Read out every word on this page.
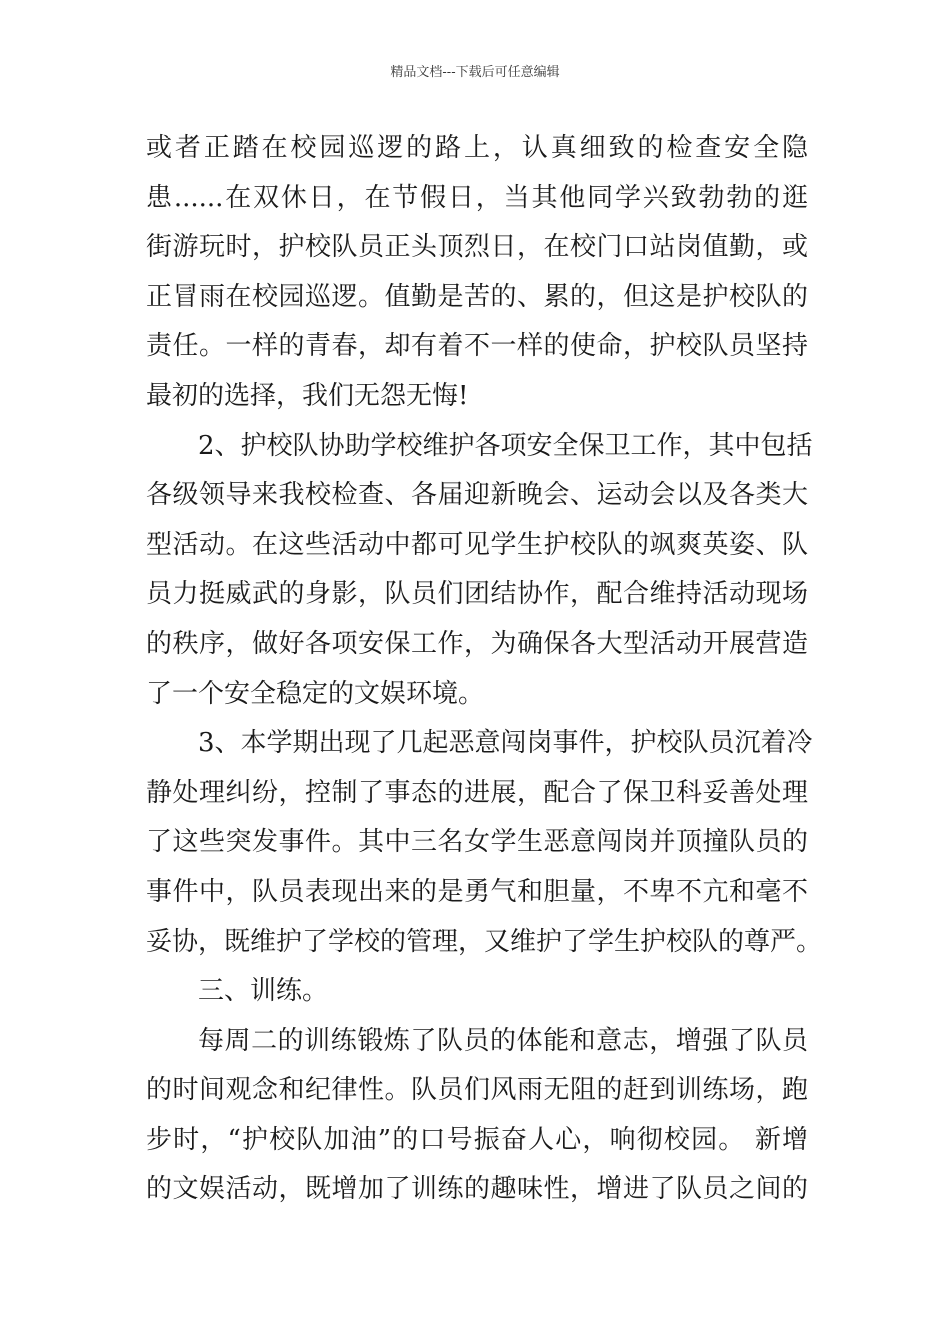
精品文档---下载后可任意编辑
或者正踏在校园巡逻的路上，认真细致的检查安全隐
患......在双休日，在节假日，当其他同学兴致勃勃的逛
街游玩时，护校队员正头顶烈日，在校门口站岗值勤，或
正冒雨在校园巡逻。值勤是苦的、累的，但这是护校队的
责任。一样的青春，却有着不一样的使命，护校队员坚持
最初的选择，我们无怨无悔!
2、护校队协助学校维护各项安全保卫工作，其中包括
各级领导来我校检查、各届迎新晚会、运动会以及各类大
型活动。在这些活动中都可见学生护校队的飒爽英姿、队
员力挺威武的身影，队员们团结协作，配合维持活动现场
的秩序，做好各项安保工作，为确保各大型活动开展营造
了一个安全稳定的文娱环境。
3、本学期出现了几起恶意闯岗事件，护校队员沉着冷
静处理纠纷，控制了事态的进展，配合了保卫科妥善处理
了这些突发事件。其中三名女学生恶意闯岗并顶撞队员的
事件中，队员表现出来的是勇气和胆量，不卑不亢和毫不
妥协，既维护了学校的管理，又维护了学生护校队的尊严。
三、训练。
每周二的训练锻炼了队员的体能和意志，增强了队员
的时间观念和纪律性。队员们风雨无阻的赶到训练场，跑
步时，“护校队加油”的口号振奋人心，响彻校园。 新增
的文娱活动，既增加了训练的趣味性，增进了队员之间的
